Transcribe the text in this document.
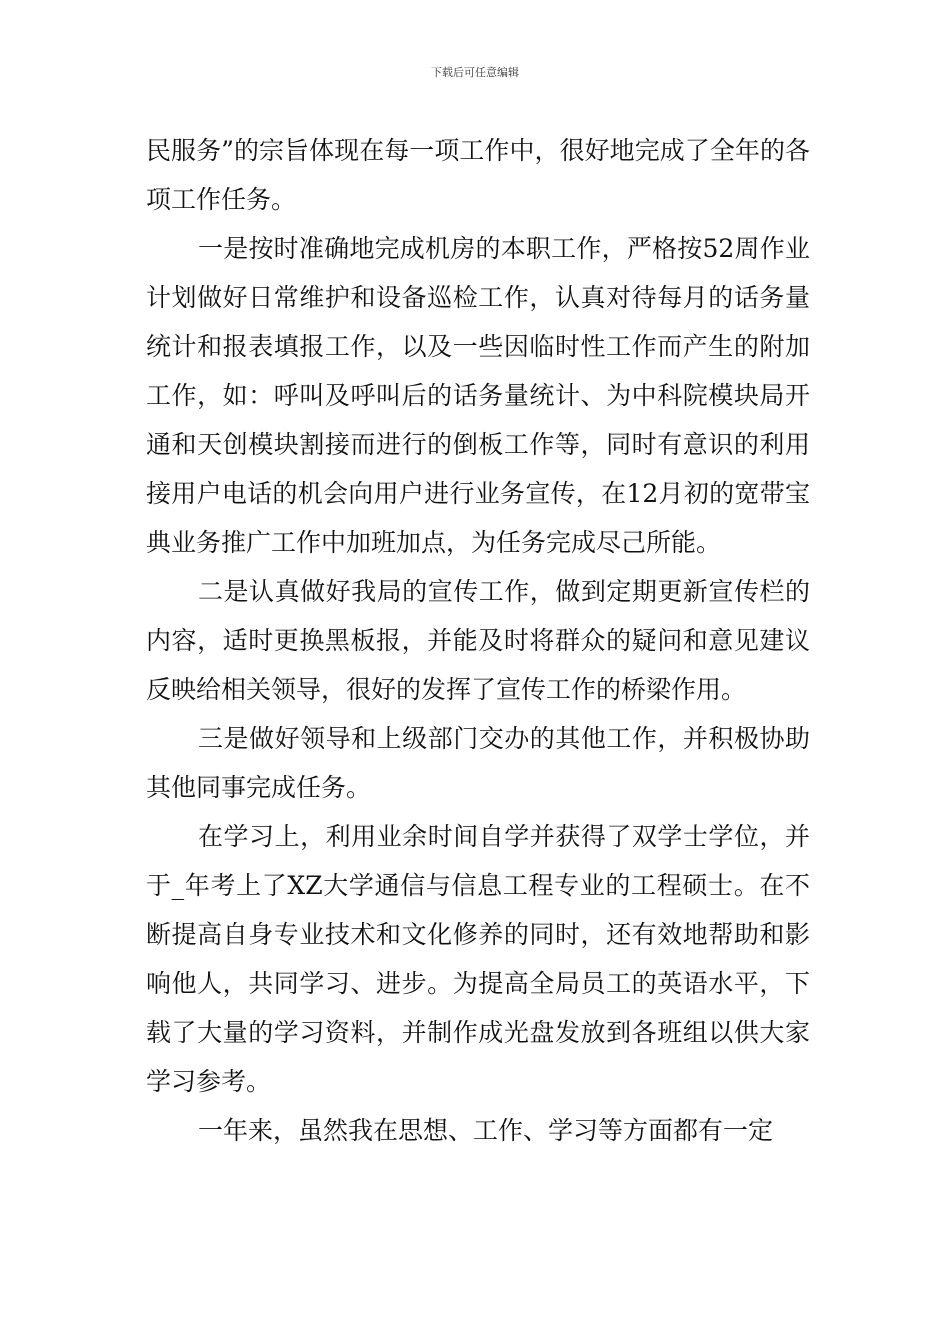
下载后可任意编辑

民服务”的宗旨体现在每一项工作中，很好地完成了全年的各项工作任务。

一是按时准确地完成机房的本职工作，严格按52周作业计划做好日常维护和设备巡检工作，认真对待每月的话务量统计和报表填报工作，以及一些因临时性工作而产生的附加工作，如：呼叫及呼叫后的话务量统计、为中科院模块局开通和天创模块割接而进行的倒板工作等，同时有意识的利用接用户电话的机会向用户进行业务宣传，在12月初的宽带宝典业务推广工作中加班加点，为任务完成尽己所能。

二是认真做好我局的宣传工作，做到定期更新宣传栏的内容，适时更换黑板报，并能及时将群众的疑问和意见建议反映给相关领导，很好的发挥了宣传工作的桥梁作用。

三是做好领导和上级部门交办的其他工作，并积极协助其他同事完成任务。

在学习上，利用业余时间自学并获得了双学士学位，并于_年考上了XZ大学通信与信息工程专业的工程硕士。在不断提高自身专业技术和文化修养的同时，还有效地帮助和影响他人，共同学习、进步。为提高全局员工的英语水平，下载了大量的学习资料，并制作成光盘发放到各班组以供大家学习参考。

一年来，虽然我在思想、工作、学习等方面都有一定
